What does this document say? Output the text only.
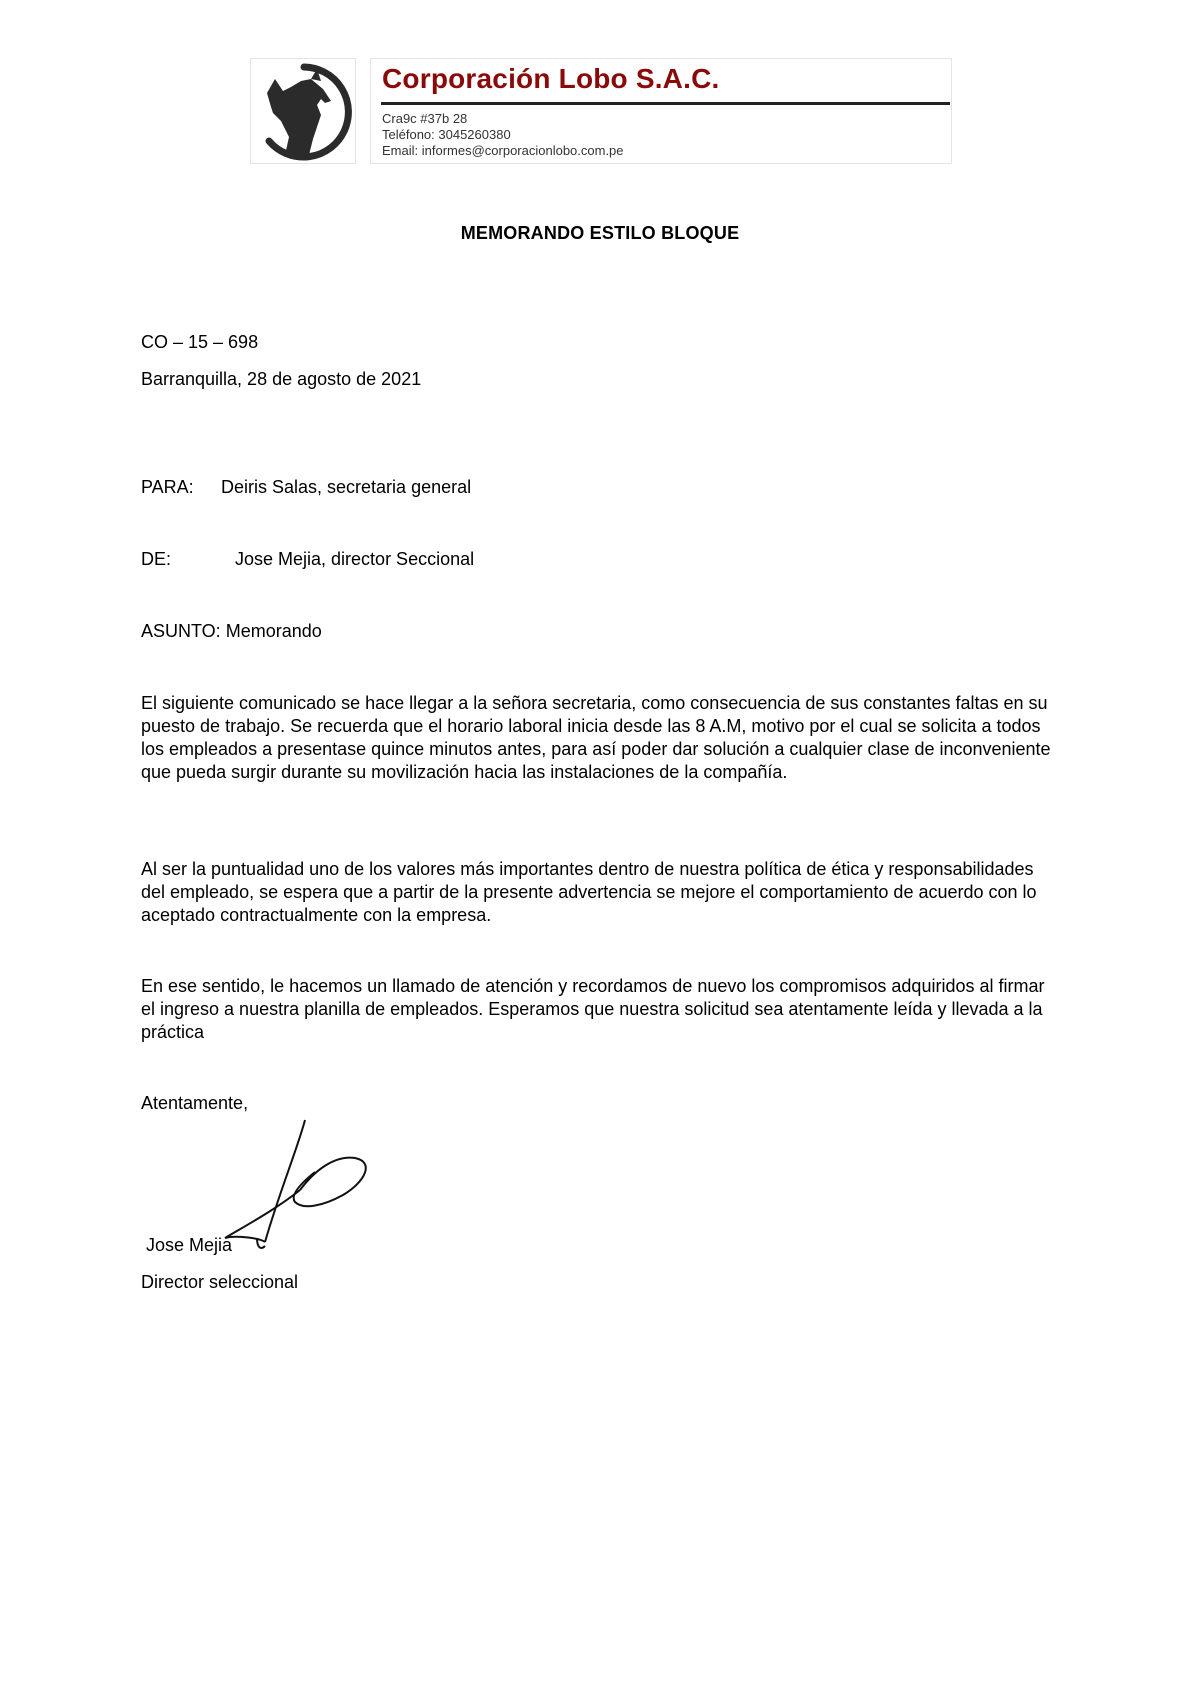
Corporación Lobo S.A.C.
Cra9c #37b 28
Teléfono: 3045260380
Email: informes@corporacionlobo.com.pe
MEMORANDO ESTILO BLOQUE
CO – 15 – 698
Barranquilla, 28 de agosto de 2021
PARA: Deiris Salas, secretaria general
DE:	Jose Mejia, director Seccional
ASUNTO: Memorando
El siguiente comunicado se hace llegar a la señora secretaria, como consecuencia de sus constantes faltas en su puesto de trabajo. Se recuerda que el horario laboral inicia desde las 8 A.M, motivo por el cual se solicita a todos los empleados a presentase quince minutos antes, para así poder dar solución a cualquier clase de inconveniente que pueda surgir durante su movilización hacia las instalaciones de la compañía.
Al ser la puntualidad uno de los valores más importantes dentro de nuestra política de ética y responsabilidades del empleado, se espera que a partir de la presente advertencia se mejore el comportamiento de acuerdo con lo aceptado contractualmente con la empresa.
En ese sentido, le hacemos un llamado de atención y recordamos de nuevo los compromisos adquiridos al firmar el ingreso a nuestra planilla de empleados. Esperamos que nuestra solicitud sea atentamente leída y llevada a la práctica
Atentamente,
Jose Mejia
Director seleccional
